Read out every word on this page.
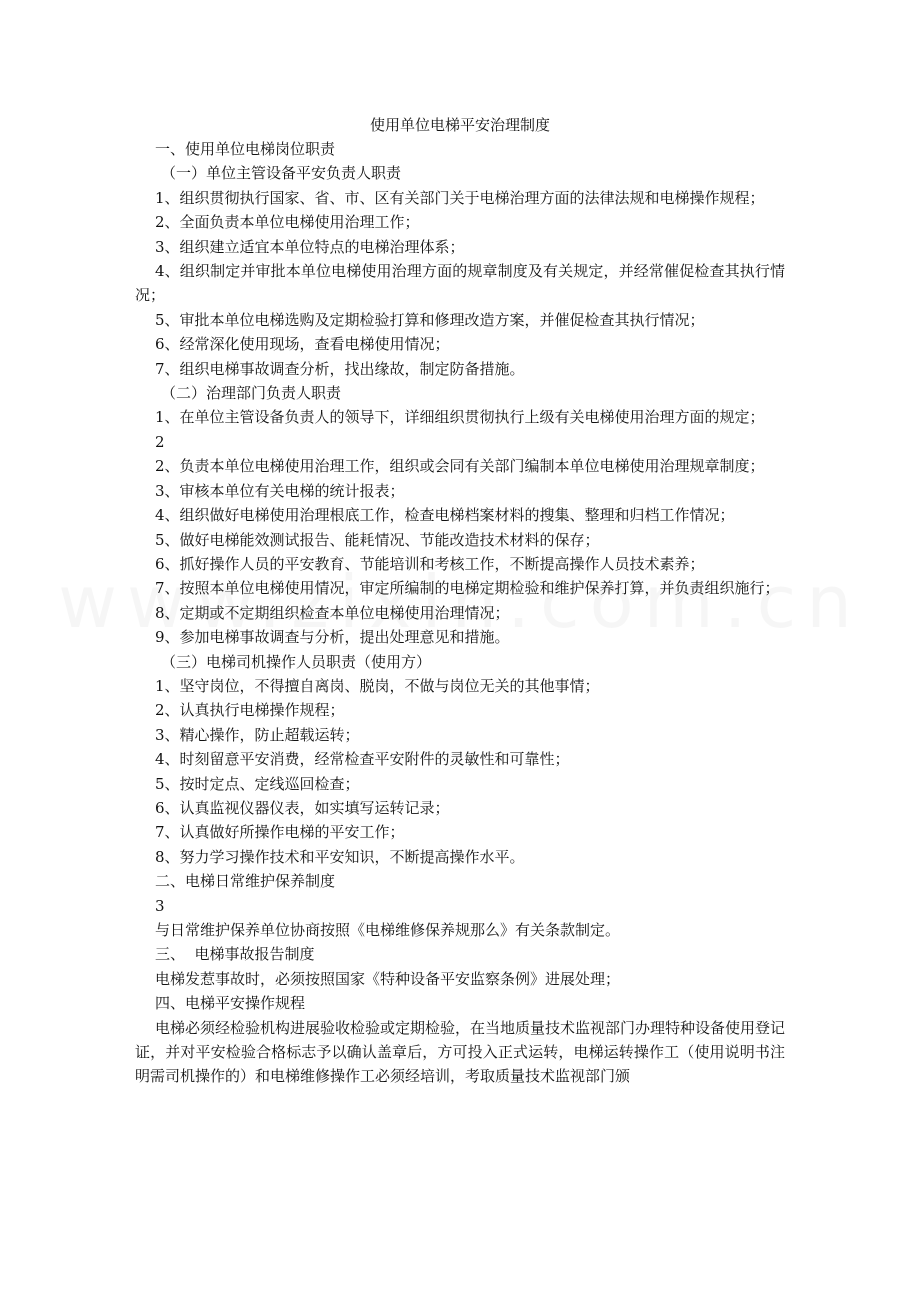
使用单位电梯平安治理制度

一、使用单位电梯岗位职责

（一）单位主管设备平安负责人职责

1、组织贯彻执行国家、省、市、区有关部门关于电梯治理方面的法律法规和电梯操作规程；

2、全面负责本单位电梯使用治理工作；

3、组织建立适宜本单位特点的电梯治理体系；

4、组织制定并审批本单位电梯使用治理方面的规章制度及有关规定，并经常催促检查其执行情况；

5、审批本单位电梯选购及定期检验打算和修理改造方案，并催促检查其执行情况；

6、经常深化使用现场，查看电梯使用情况；

7、组织电梯事故调查分析，找出缘故，制定防备措施。

（二）治理部门负责人职责

1、在单位主管设备负责人的领导下，详细组织贯彻执行上级有关电梯使用治理方面的规定；

2

2、负责本单位电梯使用治理工作，组织或会同有关部门编制本单位电梯使用治理规章制度；

3、审核本单位有关电梯的统计报表；

4、组织做好电梯使用治理根底工作，检查电梯档案材料的搜集、整理和归档工作情况；

5、做好电梯能效测试报告、能耗情况、节能改造技术材料的保存；

6、抓好操作人员的平安教育、节能培训和考核工作，不断提高操作人员技术素养；

7、按照本单位电梯使用情况，审定所编制的电梯定期检验和维护保养打算，并负责组织施行；

8、定期或不定期组织检查本单位电梯使用治理情况；

9、参加电梯事故调查与分析，提出处理意见和措施。

（三）电梯司机操作人员职责（使用方）

1、坚守岗位，不得擅自离岗、脱岗，不做与岗位无关的其他事情；

2、认真执行电梯操作规程；

3、精心操作，防止超载运转；

4、时刻留意平安消费，经常检查平安附件的灵敏性和可靠性；

5、按时定点、定线巡回检查；

6、认真监视仪器仪表，如实填写运转记录；

7、认真做好所操作电梯的平安工作；

8、努力学习操作技术和平安知识，不断提高操作水平。

二、电梯日常维护保养制度

3

与日常维护保养单位协商按照《电梯维修保养规那么》有关条款制定。

三、  电梯事故报告制度

电梯发惹事故时，必须按照国家《特种设备平安监察条例》进展处理；

四、电梯平安操作规程

电梯必须经检验机构进展验收检验或定期检验，在当地质量技术监视部门办理特种设备使用登记证，并对平安检验合格标志予以确认盖章后，方可投入正式运转，电梯运转操作工（使用说明书注明需司机操作的）和电梯维修操作工必须经培训，考取质量技术监视部门颁
